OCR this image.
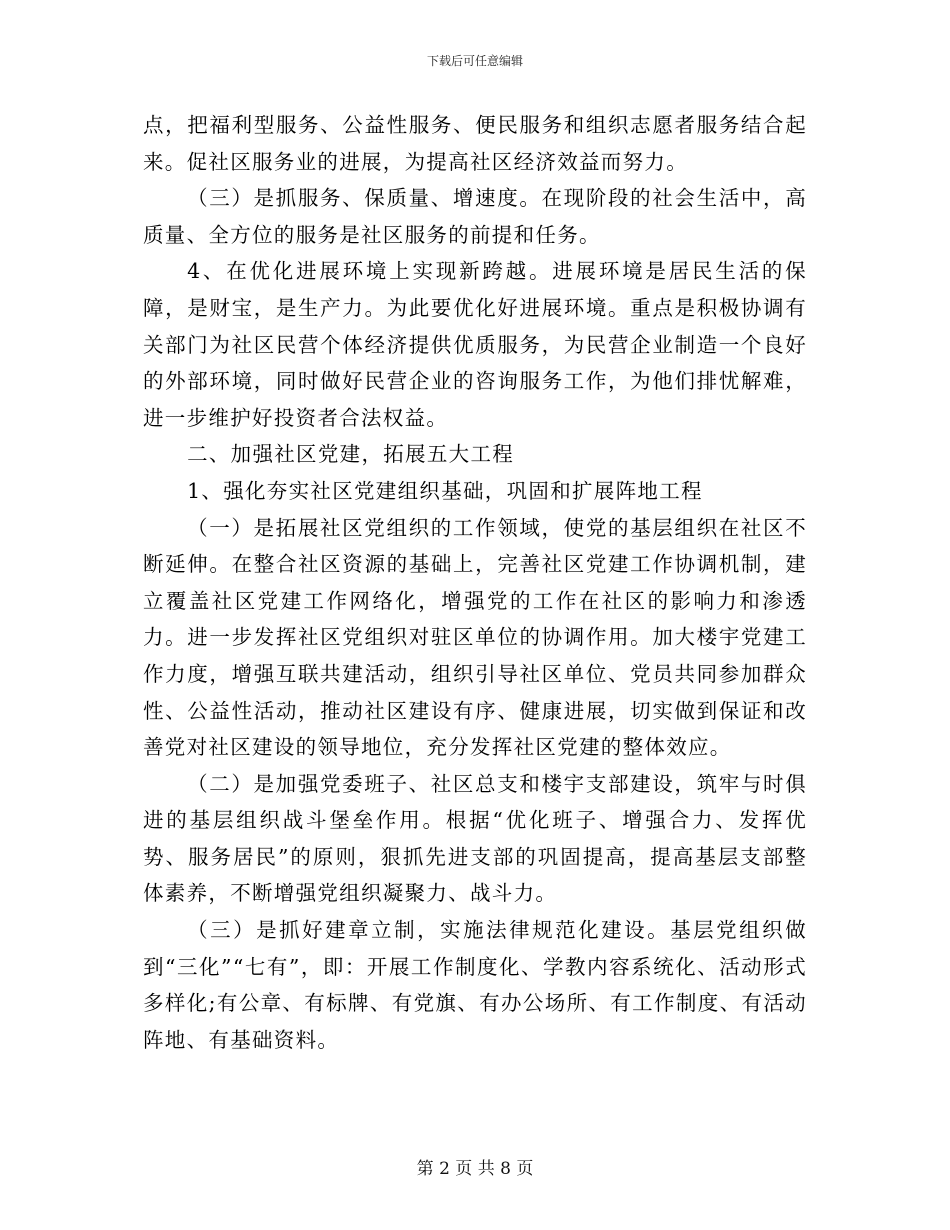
下载后可任意编辑

点，把福利型服务、公益性服务、便民服务和组织志愿者服务结合起来。促社区服务业的进展，为提高社区经济效益而努力。

（三）是抓服务、保质量、增速度。在现阶段的社会生活中，高质量、全方位的服务是社区服务的前提和任务。

4、在优化进展环境上实现新跨越。进展环境是居民生活的保障，是财宝，是生产力。为此要优化好进展环境。重点是积极协调有关部门为社区民营个体经济提供优质服务，为民营企业制造一个良好的外部环境，同时做好民营企业的咨询服务工作，为他们排忧解难，进一步维护好投资者合法权益。

二、加强社区党建，拓展五大工程

1、强化夯实社区党建组织基础，巩固和扩展阵地工程

（一）是拓展社区党组织的工作领域，使党的基层组织在社区不断延伸。在整合社区资源的基础上，完善社区党建工作协调机制，建立覆盖社区党建工作网络化，增强党的工作在社区的影响力和渗透力。进一步发挥社区党组织对驻区单位的协调作用。加大楼宇党建工作力度，增强互联共建活动，组织引导社区单位、党员共同参加群众性、公益性活动，推动社区建设有序、健康进展，切实做到保证和改善党对社区建设的领导地位，充分发挥社区党建的整体效应。

（二）是加强党委班子、社区总支和楼宇支部建设，筑牢与时俱进的基层组织战斗堡垒作用。根据“优化班子、增强合力、发挥优势、服务居民”的原则，狠抓先进支部的巩固提高，提高基层支部整体素养，不断增强党组织凝聚力、战斗力。

（三）是抓好建章立制，实施法律规范化建设。基层党组织做到“三化”“七有”，即：开展工作制度化、学教内容系统化、活动形式多样化;有公章、有标牌、有党旗、有办公场所、有工作制度、有活动阵地、有基础资料。

第 2 页 共 8 页
